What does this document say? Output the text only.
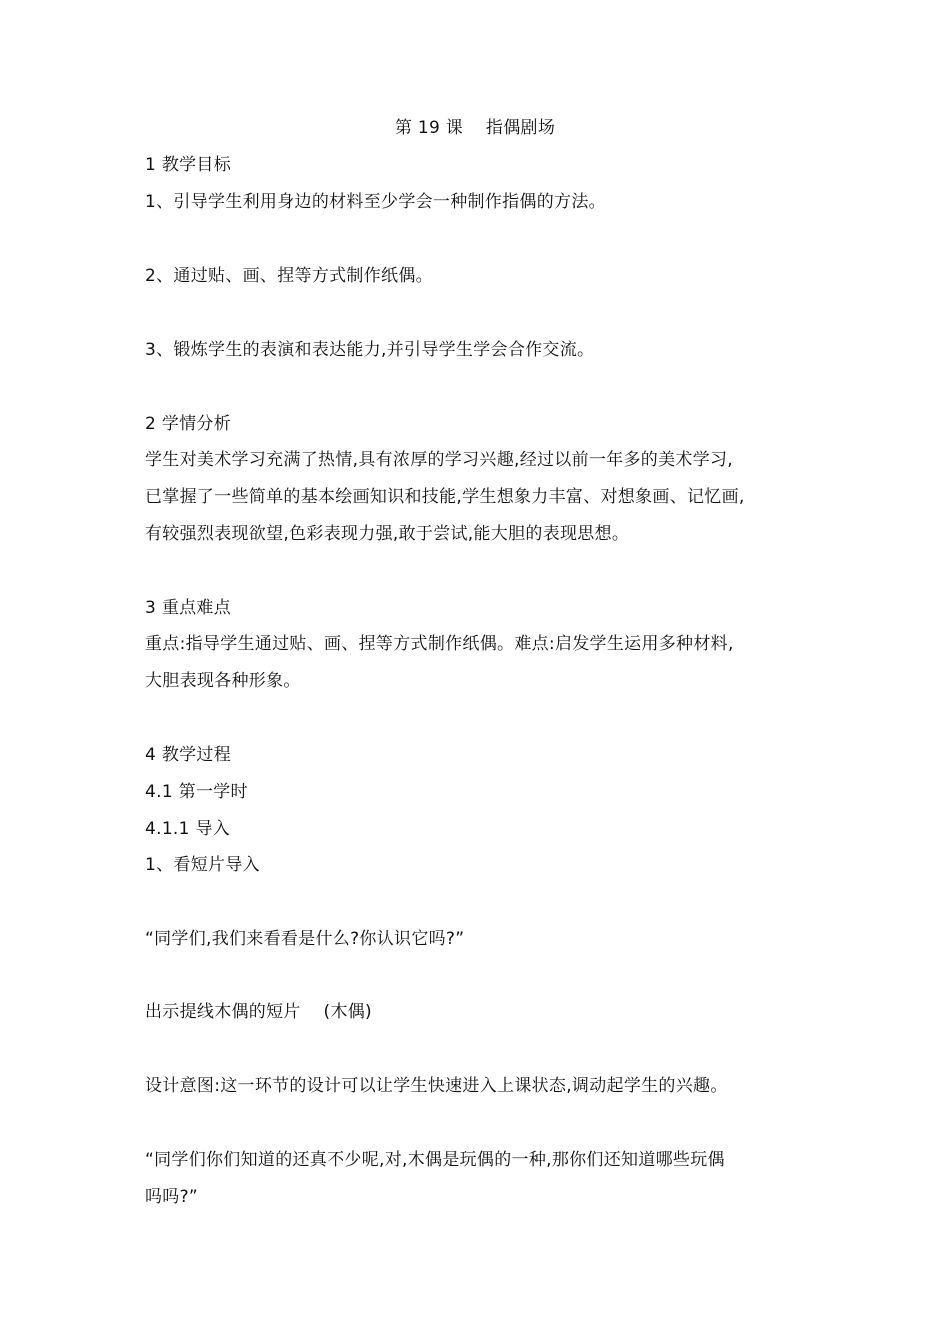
第 19 课    指偶剧场
1 教学目标
1、引导学生利用身边的材料至少学会一种制作指偶的方法。
2、通过贴、画、捏等方式制作纸偶。
3、锻炼学生的表演和表达能力,并引导学生学会合作交流。
2 学情分析
学生对美术学习充满了热情,具有浓厚的学习兴趣,经过以前一年多的美术学习,
已掌握了一些简单的基本绘画知识和技能,学生想象力丰富、对想象画、记忆画,
有较强烈表现欲望,色彩表现力强,敢于尝试,能大胆的表现思想。
3 重点难点
重点:指导学生通过贴、画、捏等方式制作纸偶。难点:启发学生运用多种材料,
大胆表现各种形象。
4 教学过程
4.1 第一学时
4.1.1 导入
1、看短片导入
“同学们,我们来看看是什么?你认识它吗?”
出示提线木偶的短片    (木偶)
设计意图:这一环节的设计可以让学生快速进入上课状态,调动起学生的兴趣。
“同学们你们知道的还真不少呢,对,木偶是玩偶的一种,那你们还知道哪些玩偶
吗吗?”
